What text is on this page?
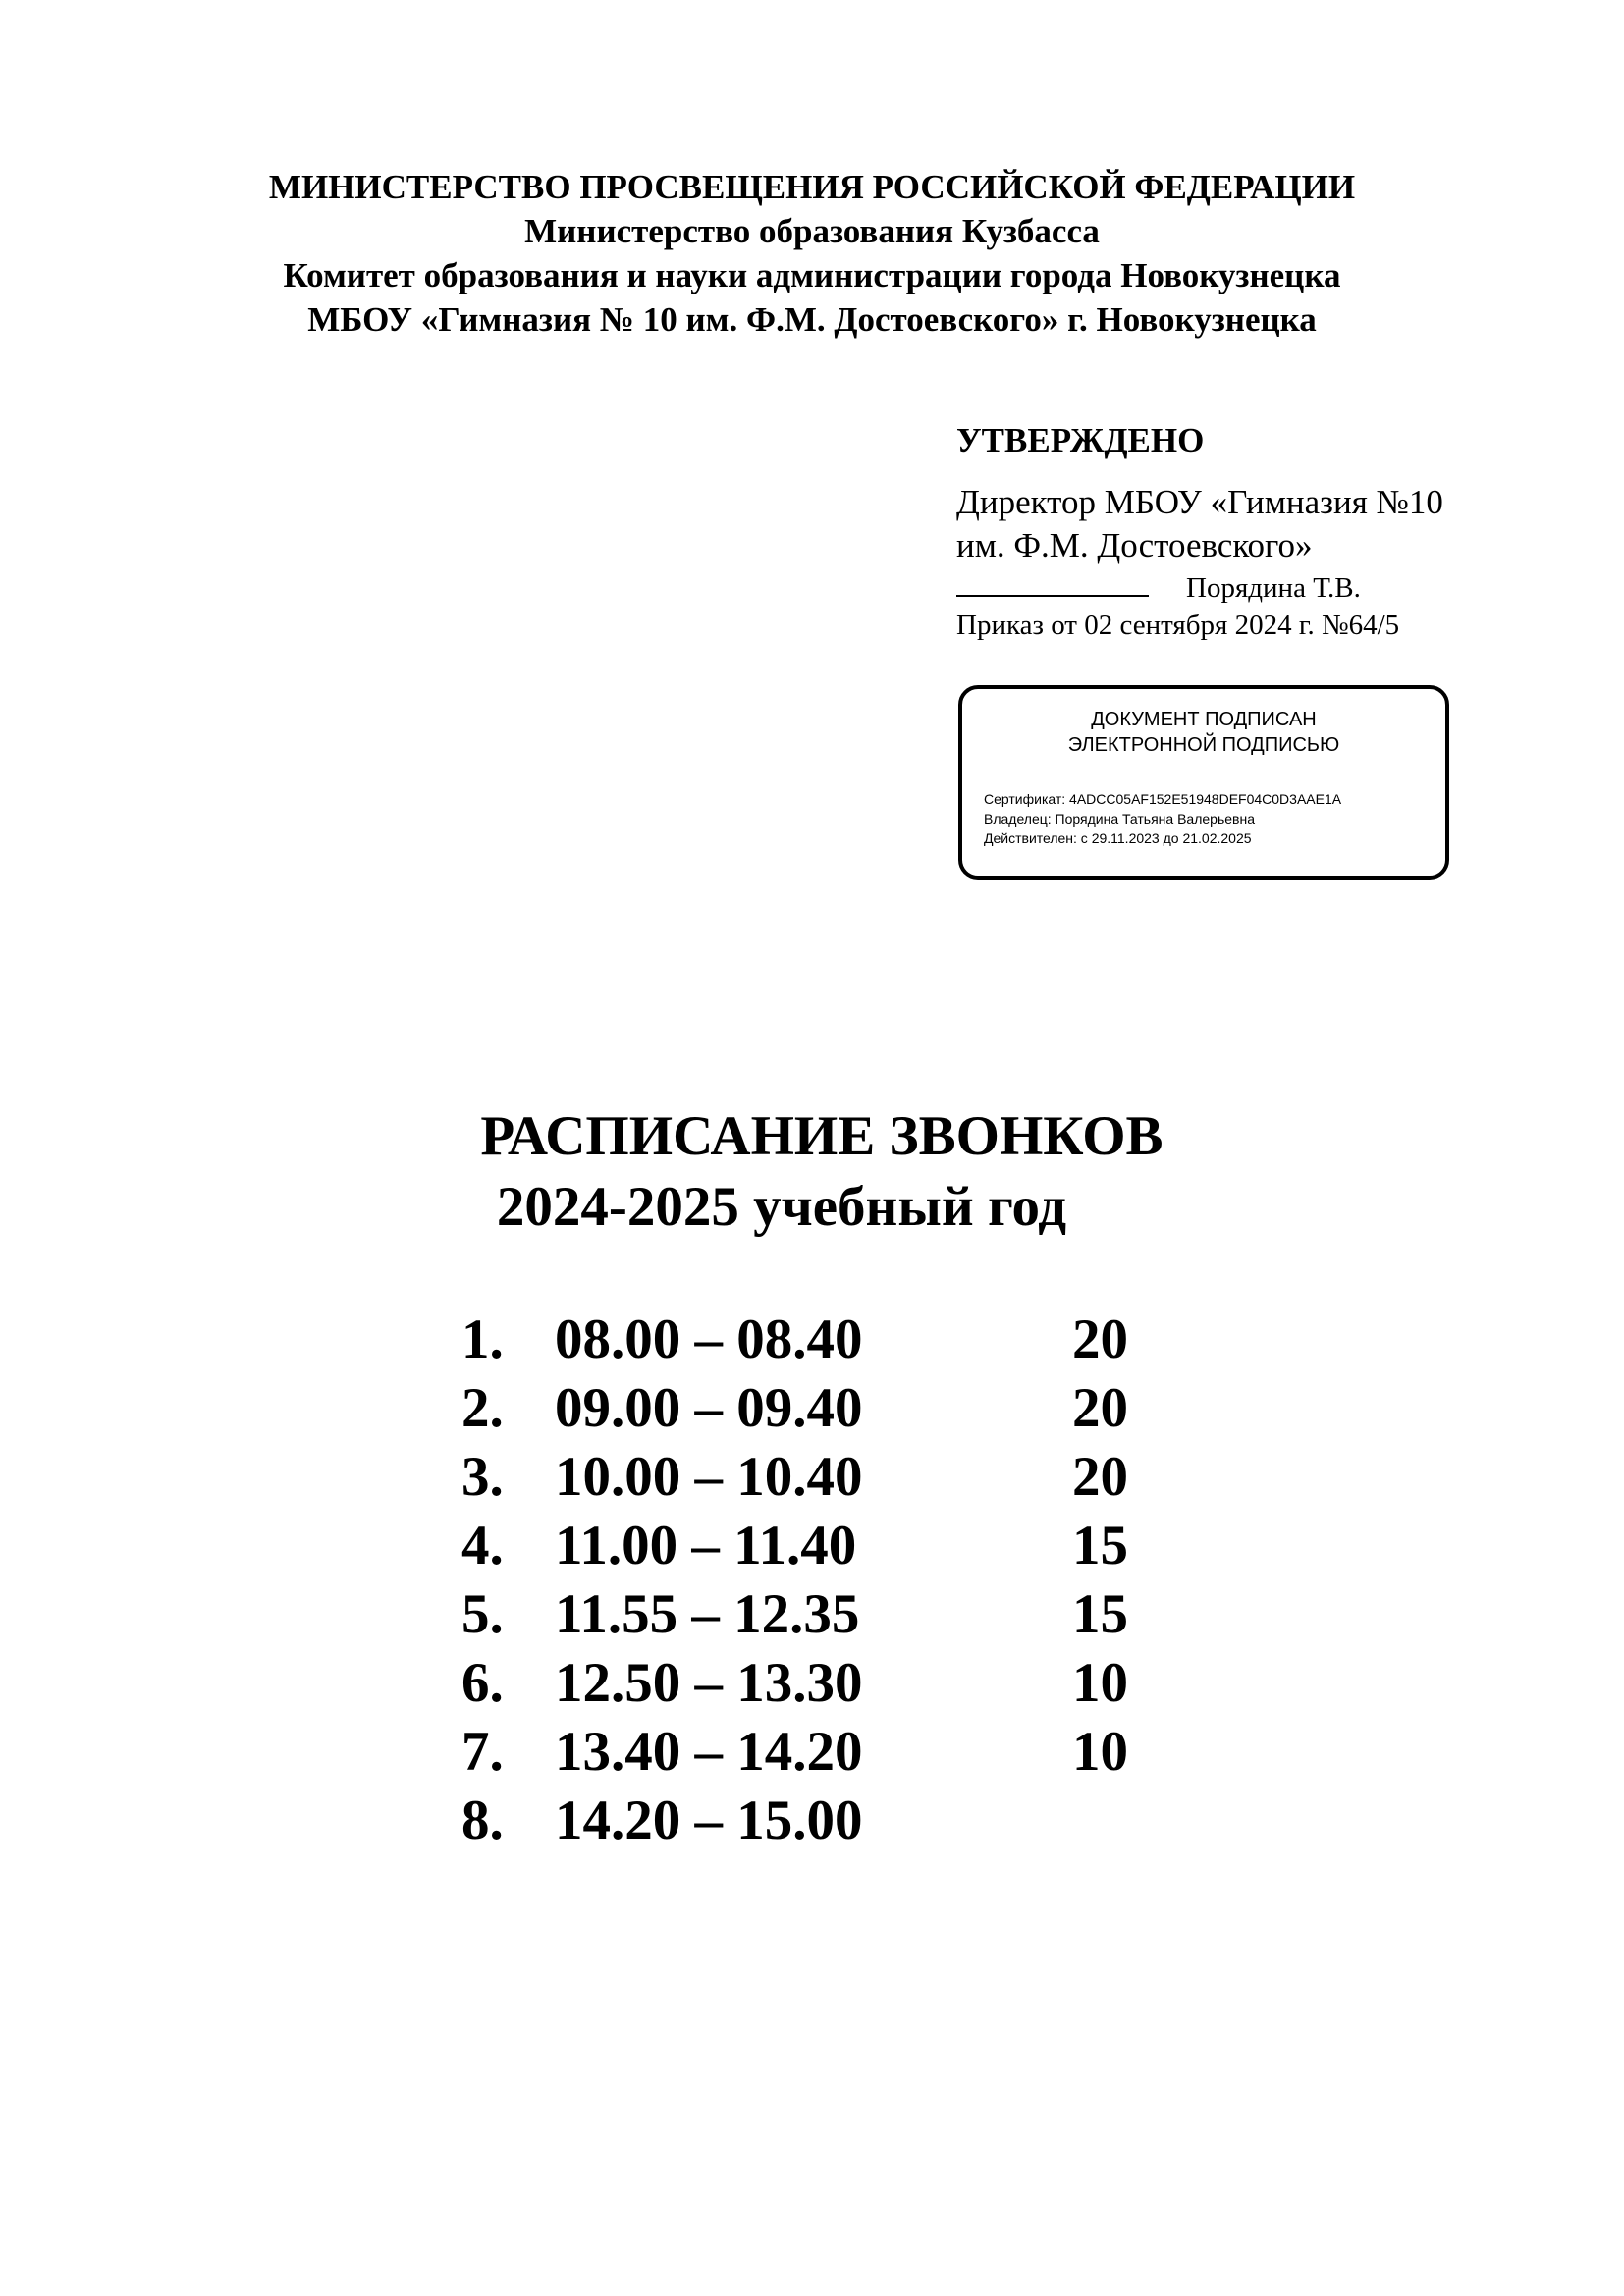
МИНИСТЕРСТВО ПРОСВЕЩЕНИЯ РОССИЙСКОЙ ФЕДЕРАЦИИ
Министерство образования Кузбасса
Комитет образования и науки администрации города Новокузнецка
МБОУ «Гимназия № 10 им. Ф.М. Достоевского» г. Новокузнецка
УТВЕРЖДЕНО
Директор МБОУ «Гимназия №10
им. Ф.М. Достоевского»
Порядина Т.В.
Приказ от 02 сентября 2024 г. №64/5
ДОКУМЕНТ ПОДПИСАН
ЭЛЕКТРОННОЙ ПОДПИСЬЮ
Сертификат: 4ADCC05AF152E51948DEF04C0D3AAE1A
Владелец: Порядина Татьяна Валерьевна
Действителен: с 29.11.2023 до 21.02.2025
РАСПИСАНИЕ ЗВОНКОВ
2024-2025 учебный год
1. 08.00 – 08.40	20
2. 09.00 – 09.40	20
3. 10.00 – 10.40	20
4. 11.00 – 11.40	15
5. 11.55 – 12.35	15
6. 12.50 – 13.30	10
7. 13.40 – 14.20	10
8. 14.20 – 15.00
